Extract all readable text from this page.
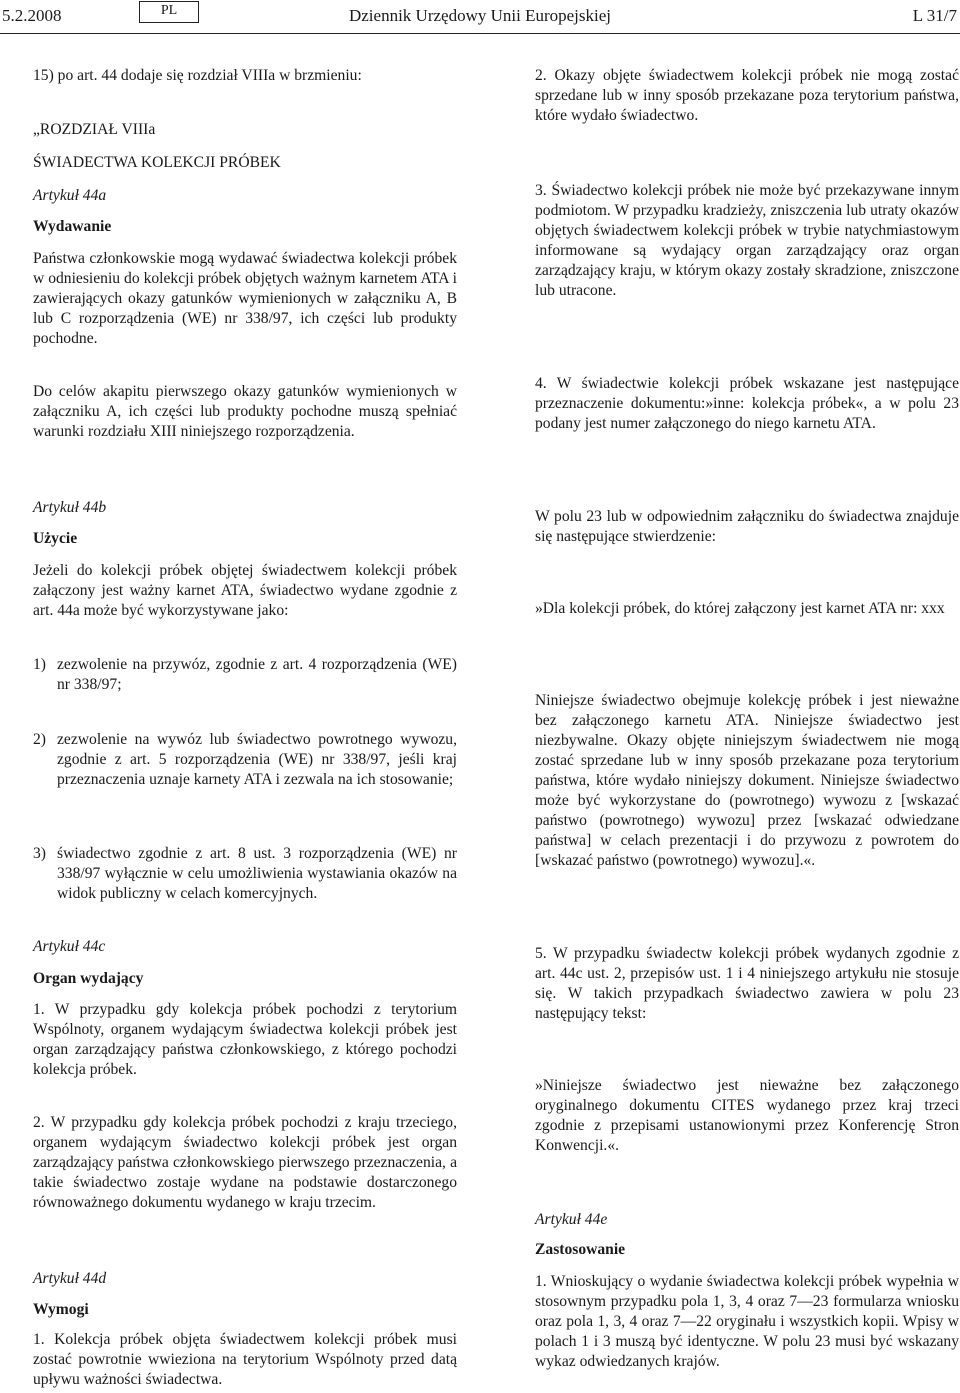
5.2.2008	PL	Dziennik Urzędowy Unii Europejskiej	L 31/7

15) po art. 44 dodaje się rozdział VIIIa w brzmieniu:

„ROZDZIAŁ VIIIa

ŚWIADECTWA KOLEKCJI PRÓBEK

Artykuł 44a

Wydawanie

Państwa członkowskie mogą wydawać świadectwa kolekcji próbek w odniesieniu do kolekcji próbek objętych ważnym karnetem ATA i zawierających okazy gatunków wymienionych w załączniku A, B lub C rozporządzenia (WE) nr 338/97, ich części lub produkty pochodne.

Do celów akapitu pierwszego okazy gatunków wymienionych w załączniku A, ich części lub produkty pochodne muszą spełniać warunki rozdziału XIII niniejszego rozporządzenia.

Artykuł 44b

Użycie

Jeżeli do kolekcji próbek objętej świadectwem kolekcji próbek załączony jest ważny karnet ATA, świadectwo wydane zgodnie z art. 44a może być wykorzystywane jako:

1) zezwolenie na przywóz, zgodnie z art. 4 rozporządzenia (WE) nr 338/97;

2) zezwolenie na wywóz lub świadectwo powrotnego wywozu, zgodnie z art. 5 rozporządzenia (WE) nr 338/97, jeśli kraj przeznaczenia uznaje karnety ATA i zezwala na ich stosowanie;

3) świadectwo zgodnie z art. 8 ust. 3 rozporządzenia (WE) nr 338/97 wyłącznie w celu umożliwienia wystawiania okazów na widok publiczny w celach komercyjnych.

Artykuł 44c

Organ wydający

1. W przypadku gdy kolekcja próbek pochodzi z terytorium Wspólnoty, organem wydającym świadectwa kolekcji próbek jest organ zarządzający państwa członkowskiego, z którego pochodzi kolekcja próbek.

2. W przypadku gdy kolekcja próbek pochodzi z kraju trzeciego, organem wydającym świadectwo kolekcji próbek jest organ zarządzający państwa członkowskiego pierwszego przeznaczenia, a takie świadectwo zostaje wydane na podstawie dostarczonego równoważnego dokumentu wydanego w kraju trzecim.

Artykuł 44d

Wymogi

1. Kolekcja próbek objęta świadectwem kolekcji próbek musi zostać powrotnie wwieziona na terytorium Wspólnoty przed datą upływu ważności świadectwa.

2. Okazy objęte świadectwem kolekcji próbek nie mogą zostać sprzedane lub w inny sposób przekazane poza terytorium państwa, które wydało świadectwo.

3. Świadectwo kolekcji próbek nie może być przekazywane innym podmiotom. W przypadku kradzieży, zniszczenia lub utraty okazów objętych świadectwem kolekcji próbek w trybie natychmiastowym informowane są wydający organ zarządzający oraz organ zarządzający kraju, w którym okazy zostały skradzione, zniszczone lub utracone.

4. W świadectwie kolekcji próbek wskazane jest następujące przeznaczenie dokumentu:»inne: kolekcja próbek«, a w polu 23 podany jest numer załączonego do niego karnetu ATA.

W polu 23 lub w odpowiednim załączniku do świadectwa znajduje się następujące stwierdzenie:

»Dla kolekcji próbek, do której załączony jest karnet ATA nr: xxx

Niniejsze świadectwo obejmuje kolekcję próbek i jest nieważne bez załączonego karnetu ATA. Niniejsze świadectwo jest niezbywalne. Okazy objęte niniejszym świadectwem nie mogą zostać sprzedane lub w inny sposób przekazane poza terytorium państwa, które wydało niniejszy dokument. Niniejsze świadectwo może być wykorzystane do (powrotnego) wywozu z [wskazać państwo (powrotnego) wywozu] przez [wskazać odwiedzane państwa] w celach prezentacji i do przywozu z powrotem do [wskazać państwo (powrotnego) wywozu].«.

5. W przypadku świadectw kolekcji próbek wydanych zgodnie z art. 44c ust. 2, przepisów ust. 1 i 4 niniejszego artykułu nie stosuje się. W takich przypadkach świadectwo zawiera w polu 23 następujący tekst:

»Niniejsze świadectwo jest nieważne bez załączonego oryginalnego dokumentu CITES wydanego przez kraj trzeci zgodnie z przepisami ustanowionymi przez Konferencję Stron Konwencji.«.

Artykuł 44e

Zastosowanie

1. Wnioskujący o wydanie świadectwa kolekcji próbek wypełnia w stosownym przypadku pola 1, 3, 4 oraz 7—23 formularza wniosku oraz pola 1, 3, 4 oraz 7—22 oryginału i wszystkich kopii. Wpisy w polach 1 i 3 muszą być identyczne. W polu 23 musi być wskazany wykaz odwiedzanych krajów.
